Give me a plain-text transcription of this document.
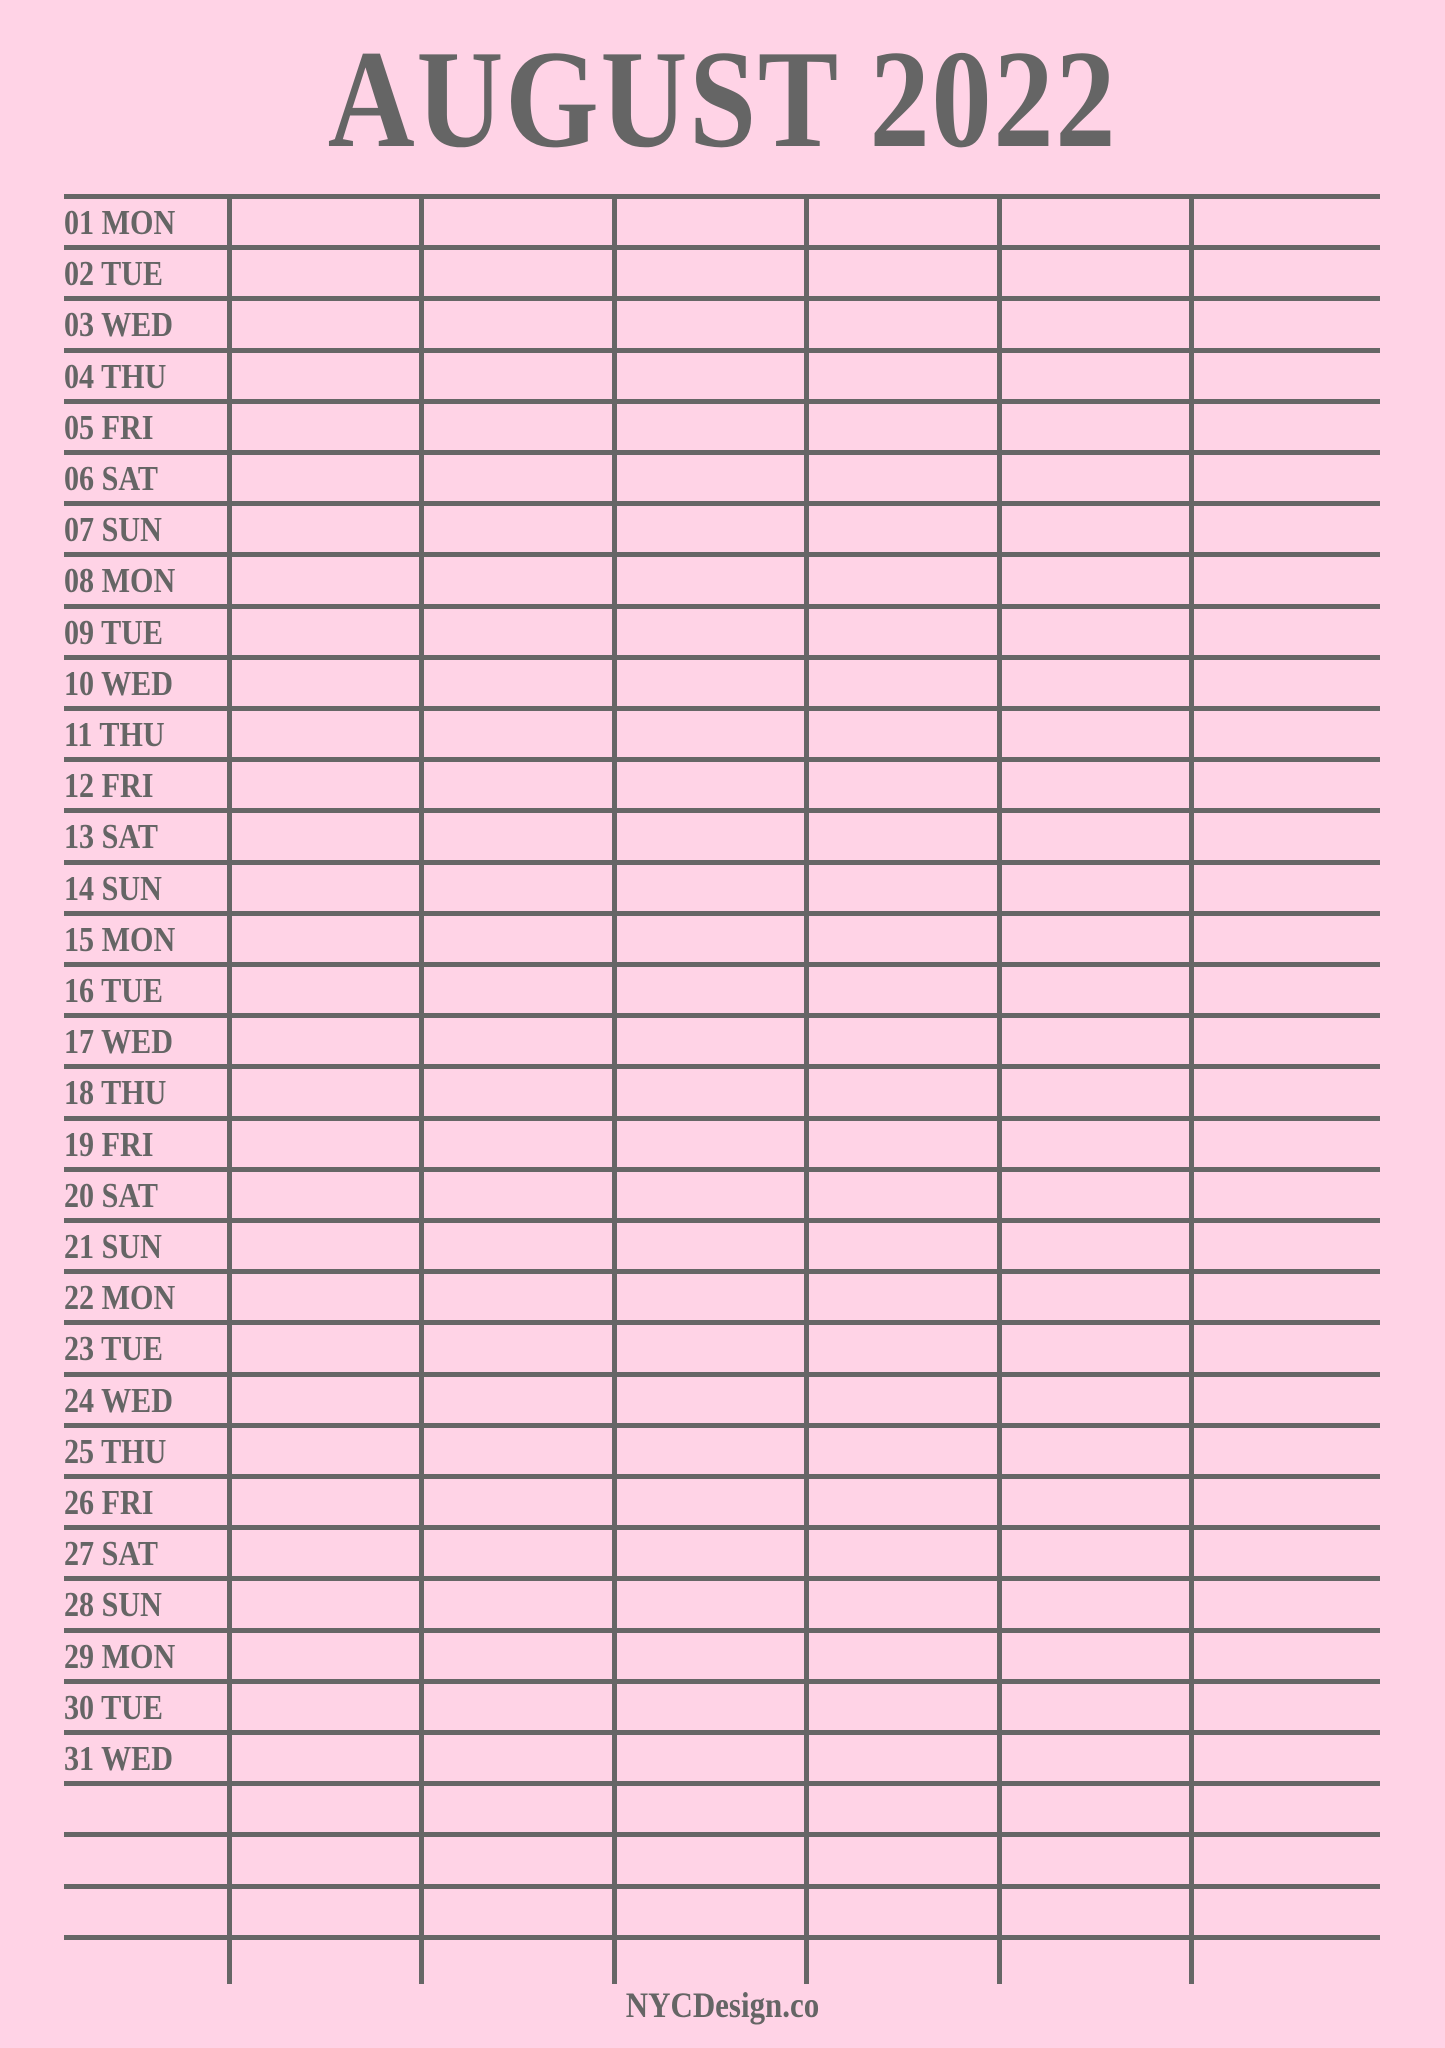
AUGUST 2022
01 MON
02 TUE
03 WED
04 THU
05 FRI
06 SAT
07 SUN
08 MON
09 TUE
10 WED
11 THU
12 FRI
13 SAT
14 SUN
15 MON
16 TUE
17 WED
18 THU
19 FRI
20 SAT
21 SUN
22 MON
23 TUE
24 WED
25 THU
26 FRI
27 SAT
28 SUN
29 MON
30 TUE
31 WED
NYCDesign.co
